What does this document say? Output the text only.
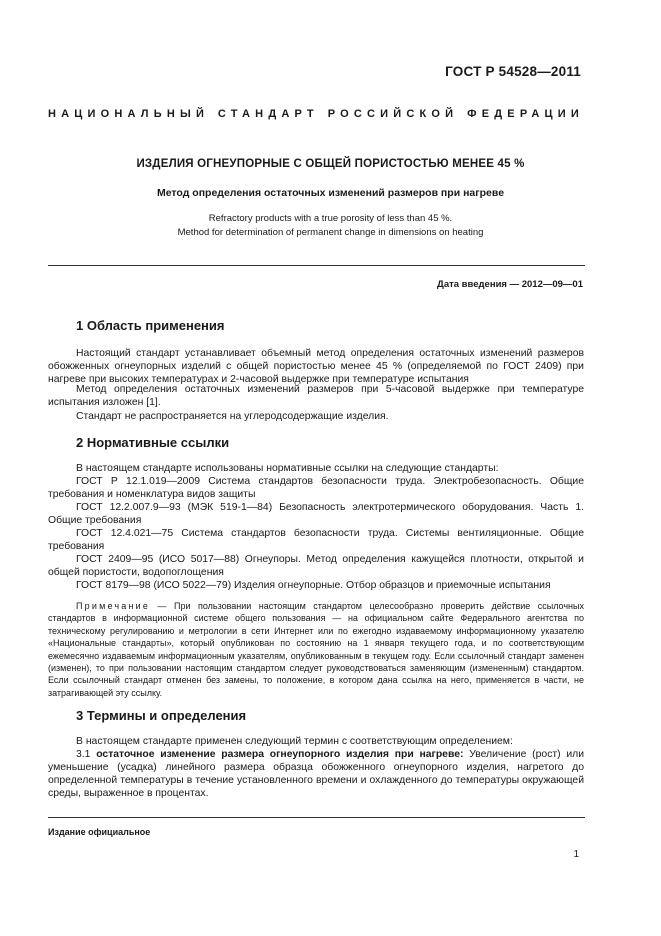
ГОСТ Р 54528—2011
НАЦИОНАЛЬНЫЙ СТАНДАРТ РОССИЙСКОЙ ФЕДЕРАЦИИ
ИЗДЕЛИЯ ОГНЕУПОРНЫЕ С ОБЩЕЙ ПОРИСТОСТЬЮ МЕНЕЕ 45 %
Метод определения остаточных изменений размеров при нагреве
Refractory products with a true porosity of less than 45 %.
Method for determination of permanent change in dimensions on heating
Дата введения — 2012—09—01
1 Область применения
Настоящий стандарт устанавливает объемный метод определения остаточных изменений размеров обожженных огнеупорных изделий с общей пористостью менее 45 % (определяемой по ГОСТ 2409) при нагреве при высоких температурах и 2-часовой выдержке при температуре испытания
Метод определения остаточных изменений размеров при 5-часовой выдержке при температуре испытания изложен [1].
Стандарт не распространяется на углеродсодержащие изделия.
2 Нормативные ссылки
В настоящем стандарте использованы нормативные ссылки на следующие стандарты:
ГОСТ Р 12.1.019—2009 Система стандартов безопасности труда. Электробезопасность. Общие требования и номенклатура видов защиты
ГОСТ 12.2.007.9—93 (МЭК 519-1—84) Безопасность электротермического оборудования. Часть 1. Общие требования
ГОСТ 12.4.021—75 Система стандартов безопасности труда. Системы вентиляционные. Общие требования
ГОСТ 2409—95 (ИСО 5017—88) Огнеупоры. Метод определения кажущейся плотности, открытой и общей пористости, водопоглощения
ГОСТ 8179—98 (ИСО 5022—79) Изделия огнеупорные. Отбор образцов и приемочные испытания
Примечание — При пользовании настоящим стандартом целесообразно проверить действие ссылочных стандартов в информационной системе общего пользования — на официальном сайте Федерального агентства по техническому регулированию и метрологии в сети Интернет или по ежегодно издаваемому информационному указателю «Национальные стандарты», который опубликован по состоянию на 1 января текущего года, и по соответствующим ежемесячно издаваемым информационным указателям, опубликованным в текущем году. Если ссылочный стандарт заменен (изменен), то при пользовании настоящим стандартом следует руководствоваться заменяющим (измененным) стандартом. Если ссылочный стандарт отменен без замены, то положение, в котором дана ссылка на него, применяется в части, не затрагивающей эту ссылку.
3 Термины и определения
В настоящем стандарте применен следующий термин с соответствующим определением:
3.1 остаточное изменение размера огнеупорного изделия при нагреве: Увеличение (рост) или уменьшение (усадка) линейного размера образца обожженного огнеупорного изделия, нагретого до определенной температуры в течение установленного времени и охлажденного до температуры окружающей среды, выраженное в процентах.
Издание официальное
1
